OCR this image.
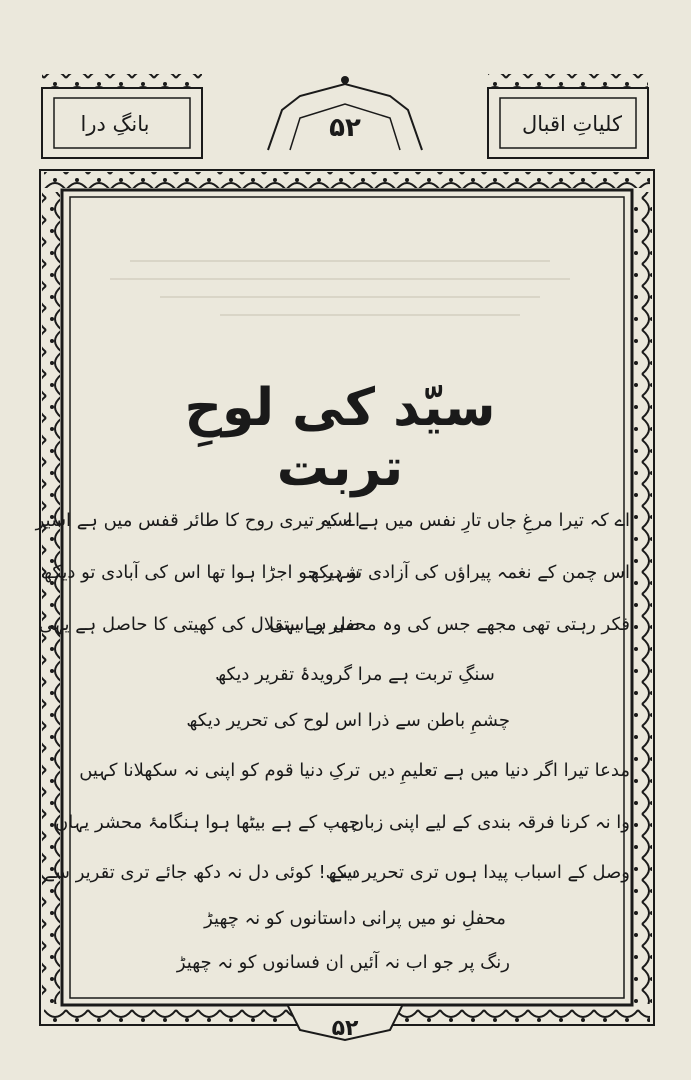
کلیاتِ اقبال
بانگِ درا	۵۲
سیّد کی لوحِ تربت
اے کہ تیرا مرغِ جاں تارِ نفس میں ہے اسیر
اے کہ تیری روح کا طائر قفس میں ہے اسیر
اس چمن کے نغمہ پیراؤں کی آزادی تو دیکھ
شہر جو اجڑا ہوا تھا اس کی آبادی تو دیکھ
فکر رہتی تھی مجھے جس کی وہ محفل ہے یہی
صبر و استقلال کی کھیتی کا حاصل ہے یہی
سنگِ تربت ہے مرا گرویدۂ تقریر دیکھ
چشمِ باطن سے ذرا اس لوح کی تحریر دیکھ
مدعا تیرا اگر دنیا میں ہے تعلیمِ دیں
ترکِ دنیا قوم کو اپنی نہ سکھلانا کہیں
وا نہ کرنا فرقہ بندی کے لیے اپنی زباں
چھپ کے ہے بیٹھا ہوا ہنگامۂ محشر یہاں
وصل کے اسباب پیدا ہوں تری تحریر سے
دیکھ! کوئی دل نہ دکھ جائے تری تقریر سے
محفلِ نو میں پرانی داستانوں کو نہ چھیڑ
رنگ پر جو اب نہ آئیں ان فسانوں کو نہ چھیڑ
۵۲
